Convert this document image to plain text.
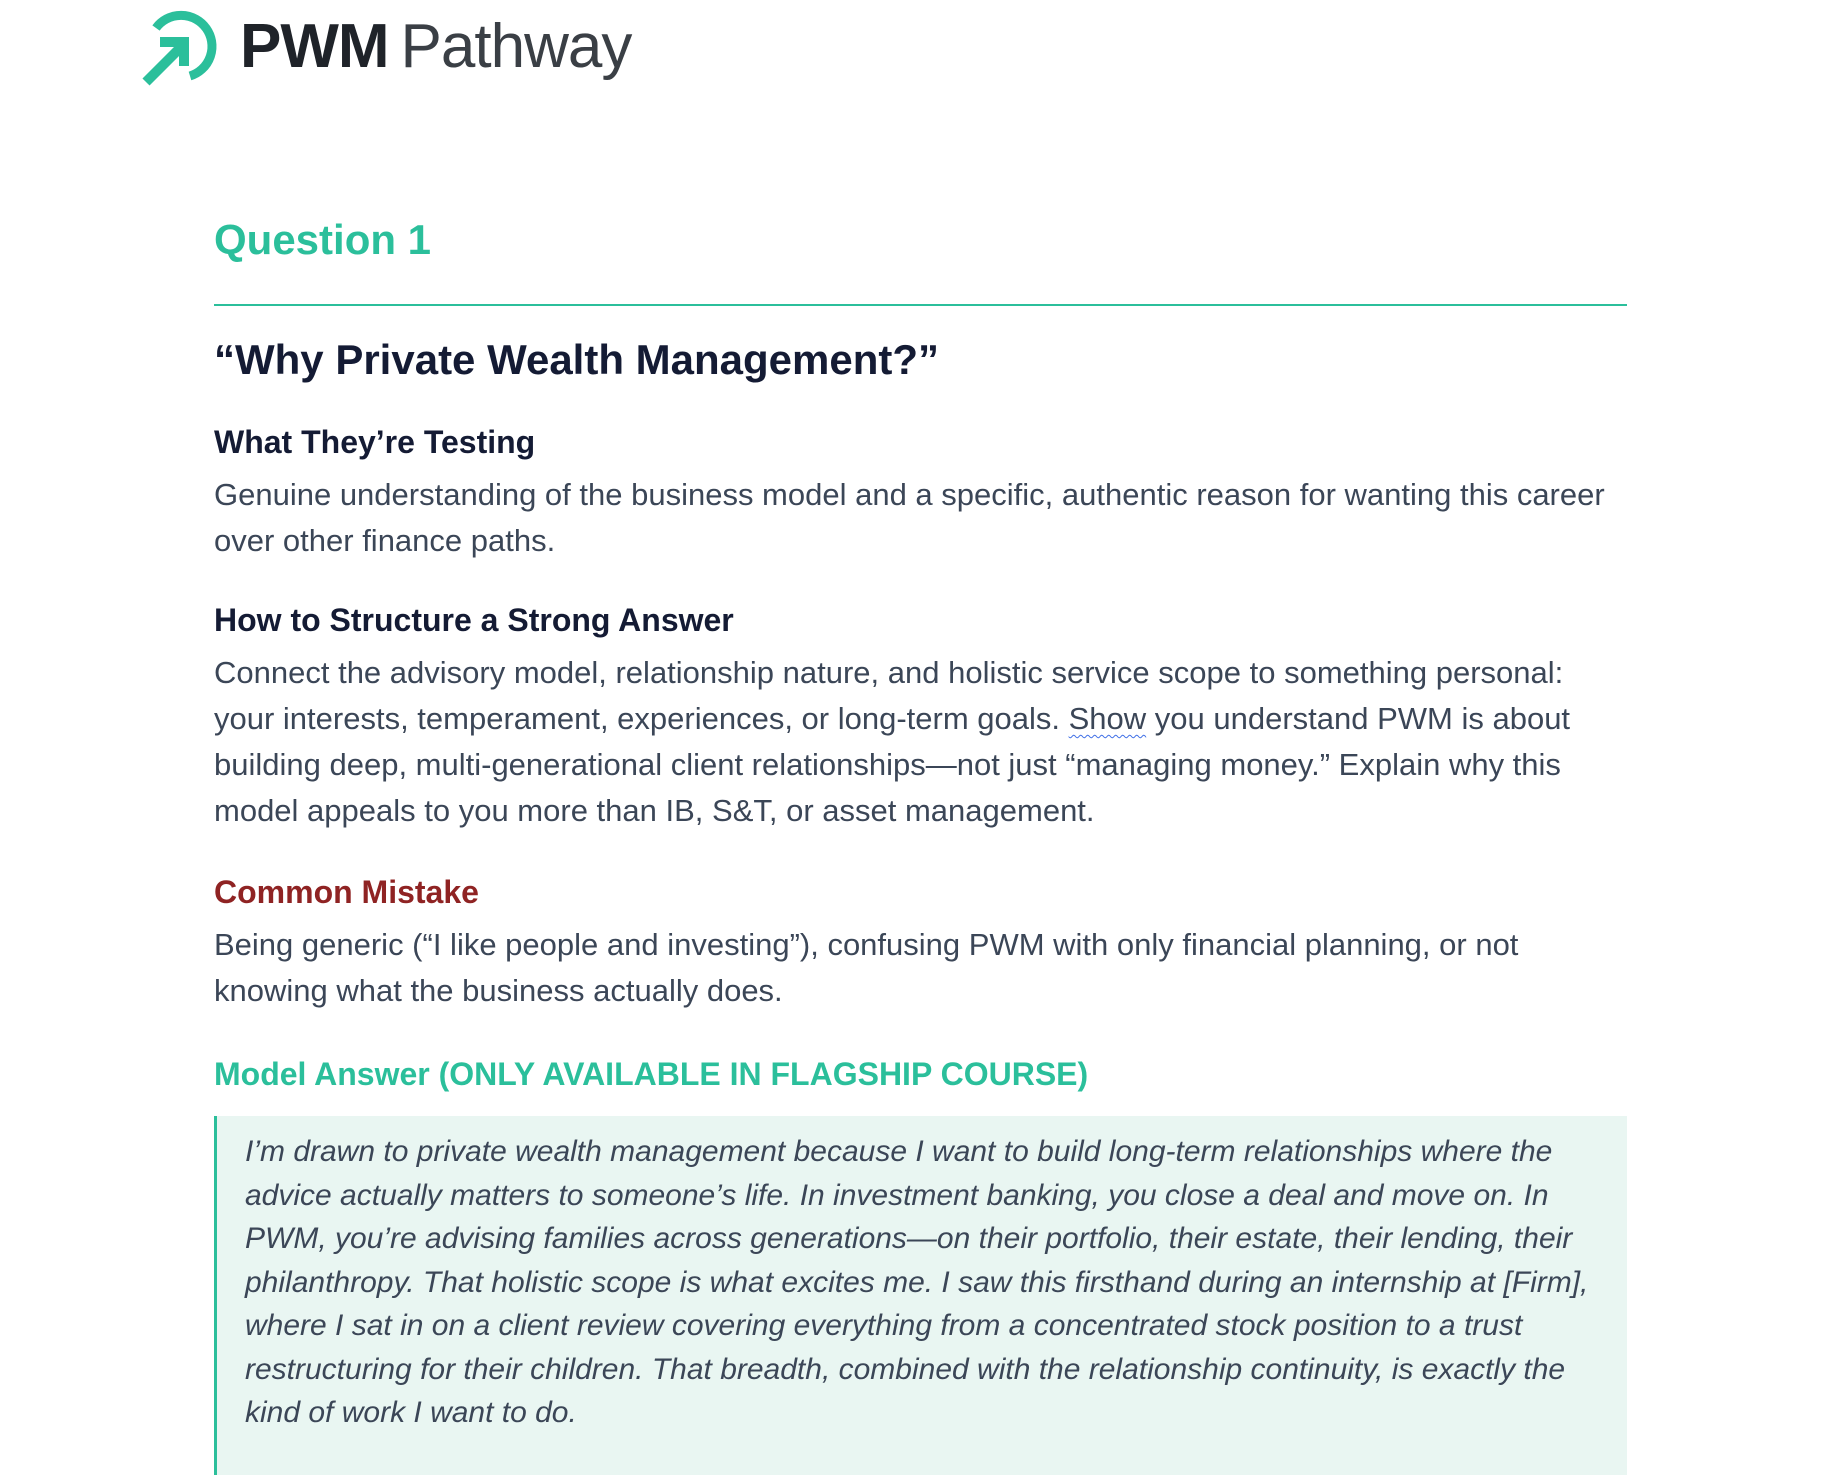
PWM Pathway
Question 1
“Why Private Wealth Management?”
What They’re Testing

Genuine understanding of the business model and a specific, authentic reason for wanting this career over other finance paths.

How to Structure a Strong Answer

Connect the advisory model, relationship nature, and holistic service scope to something personal: your interests, temperament, experiences, or long-term goals. Show you understand PWM is about building deep, multi-generational client relationships—not just “managing money.” Explain why this model appeals to you more than IB, S&T, or asset management.

Common Mistake

Being generic (“I like people and investing”), confusing PWM with only financial planning, or not knowing what the business actually does.

Model Answer (ONLY AVAILABLE IN FLAGSHIP COURSE)

I’m drawn to private wealth management because I want to build long-term relationships where the advice actually matters to someone’s life. In investment banking, you close a deal and move on. In PWM, you’re advising families across generations—on their portfolio, their estate, their lending, their philanthropy. That holistic scope is what excites me. I saw this firsthand during an internship at [Firm], where I sat in on a client review covering everything from a concentrated stock position to a trust restructuring for their children. That breadth, combined with the relationship continuity, is exactly the kind of work I want to do.
